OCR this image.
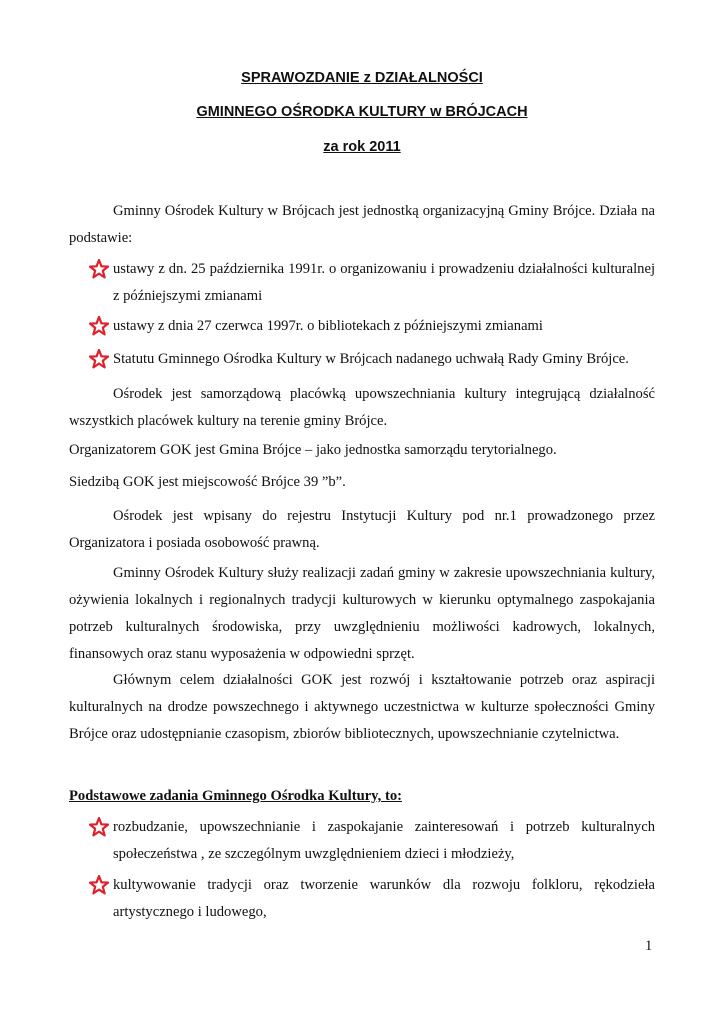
SPRAWOZDANIE z DZIAŁALNOŚCI
GMINNEGO OŚRODKA KULTURY w BRÓJCACH
za rok 2011
Gminny Ośrodek Kultury w Brójcach jest jednostką organizacyjną Gminy Brójce. Działa na podstawie:
ustawy z dn. 25 października 1991r. o organizowaniu i prowadzeniu działalności kulturalnej z późniejszymi zmianami
ustawy z dnia 27 czerwca 1997r. o bibliotekach z późniejszymi zmianami
Statutu Gminnego Ośrodka Kultury w Brójcach nadanego uchwałą Rady Gminy Brójce.
Ośrodek jest samorządową placówką upowszechniania kultury integrującą działalność wszystkich placówek kultury na terenie gminy Brójce.
Organizatorem GOK jest Gmina Brójce – jako jednostka samorządu terytorialnego.
Siedzibą GOK jest miejscowość Brójce 39 ”b”.
Ośrodek jest wpisany do rejestru Instytucji Kultury pod nr.1 prowadzonego przez Organizatora i posiada osobowość prawną.
Gminny Ośrodek Kultury służy realizacji zadań gminy w zakresie upowszechniania kultury, ożywienia lokalnych i regionalnych tradycji kulturowych w kierunku optymalnego zaspokajania potrzeb kulturalnych środowiska, przy uwzględnieniu możliwości kadrowych, lokalnych, finansowych oraz stanu wyposażenia w odpowiedni sprzęt.
Głównym celem działalności GOK jest rozwój i kształtowanie potrzeb oraz aspiracji kulturalnych na drodze powszechnego i aktywnego uczestnictwa w kulturze społeczności Gminy Brójce oraz udostępnianie czasopism, zbiorów bibliotecznych, upowszechnianie czytelnictwa.
Podstawowe zadania Gminnego Ośrodka Kultury, to:
rozbudzanie, upowszechnianie i zaspokajanie zainteresowań i potrzeb kulturalnych społeczeństwa , ze szczególnym uwzględnieniem dzieci i młodzieży,
kultywowanie tradycji oraz tworzenie warunków dla rozwoju folkloru, rękodzieła artystycznego i ludowego,
1
